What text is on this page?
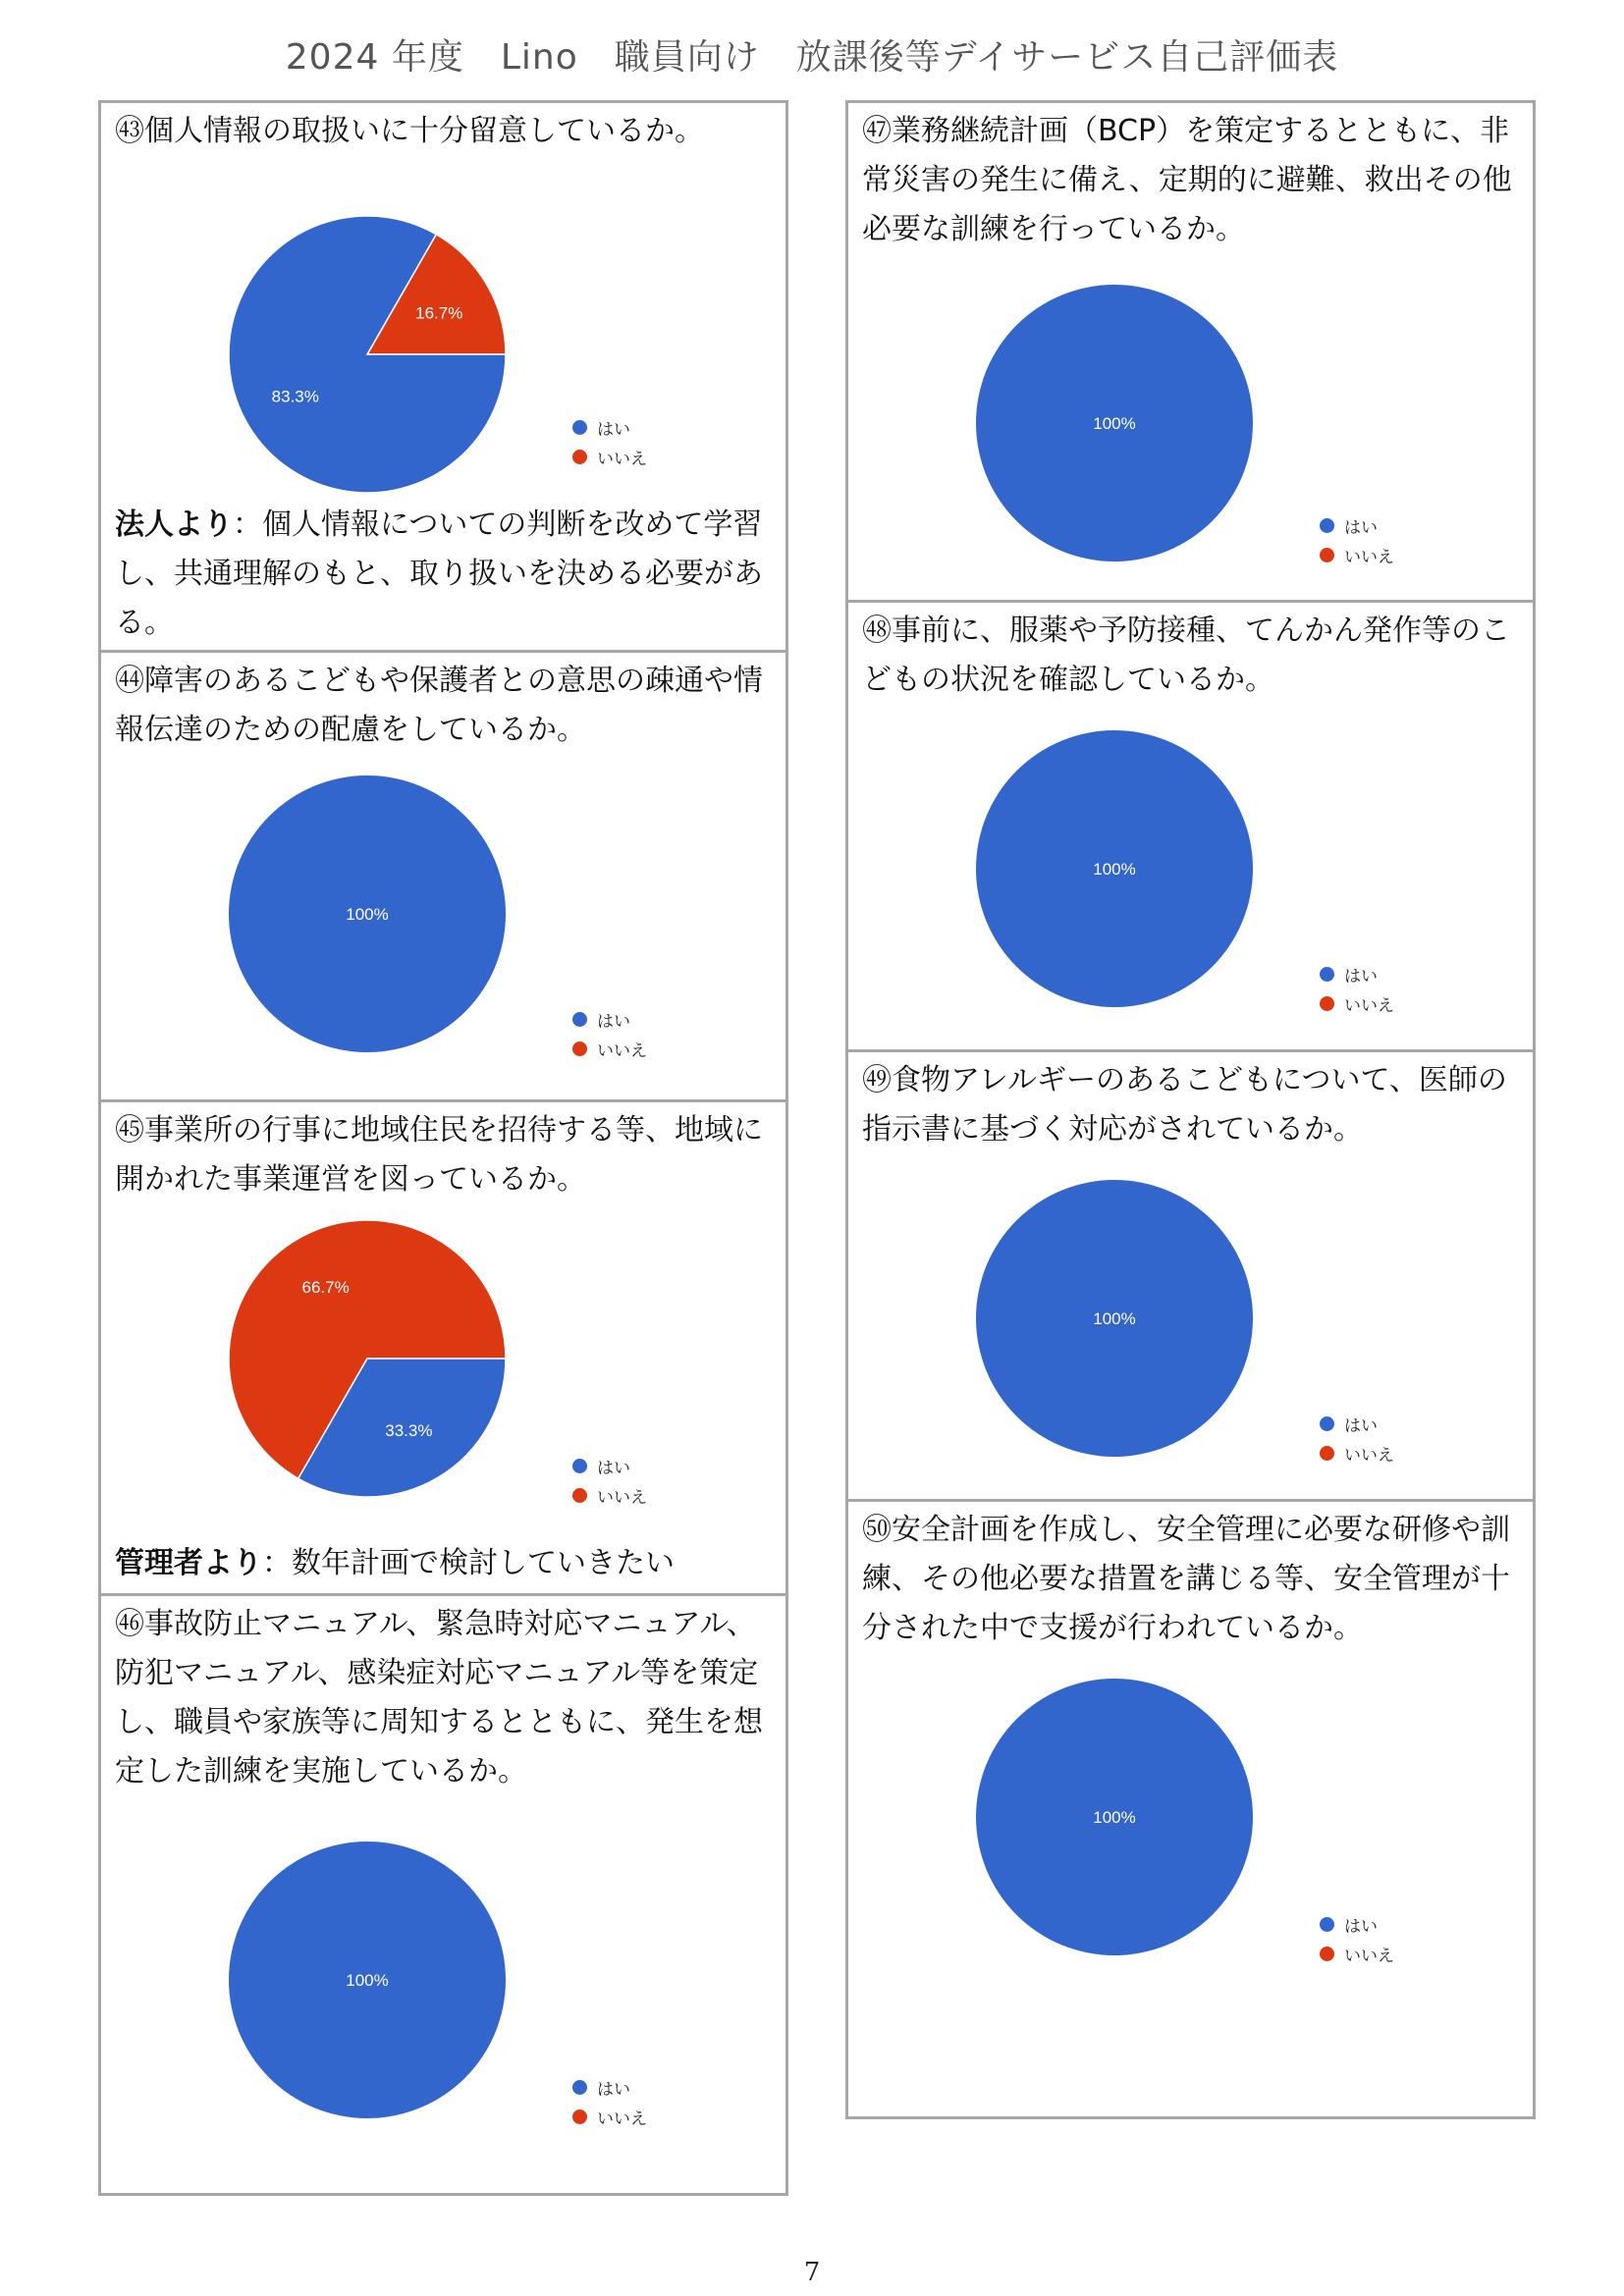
2024 年度　Lino　職員向け　放課後等デイサービス自己評価表

㊸個人情報の取扱いに十分留意しているか。

16.7%
83.3%
はい
いいえ

法人より：個人情報についての判断を改めて学習し、共通理解のもと、取り扱いを決める必要がある。

㊹障害のあるこどもや保護者との意思の疎通や情報伝達のための配慮をしているか。

100%
はい
いいえ

㊺事業所の行事に地域住民を招待する等、地域に開かれた事業運営を図っているか。

66.7%
33.3%
はい
いいえ

管理者より：数年計画で検討していきたい

㊻事故防止マニュアル、緊急時対応マニュアル、防犯マニュアル、感染症対応マニュアル等を策定し、職員や家族等に周知するとともに、発生を想定した訓練を実施しているか。

100%
はい
いいえ

㊼業務継続計画（BCP）を策定するとともに、非常災害の発生に備え、定期的に避難、救出その他必要な訓練を行っているか。

100%
はい
いいえ

㊽事前に、服薬や予防接種、てんかん発作等のこどもの状況を確認しているか。

100%
はい
いいえ

㊾食物アレルギーのあるこどもについて、医師の指示書に基づく対応がされているか。

100%
はい
いいえ

㊿安全計画を作成し、安全管理に必要な研修や訓練、その他必要な措置を講じる等、安全管理が十分された中で支援が行われているか。

100%
はい
いいえ
7
